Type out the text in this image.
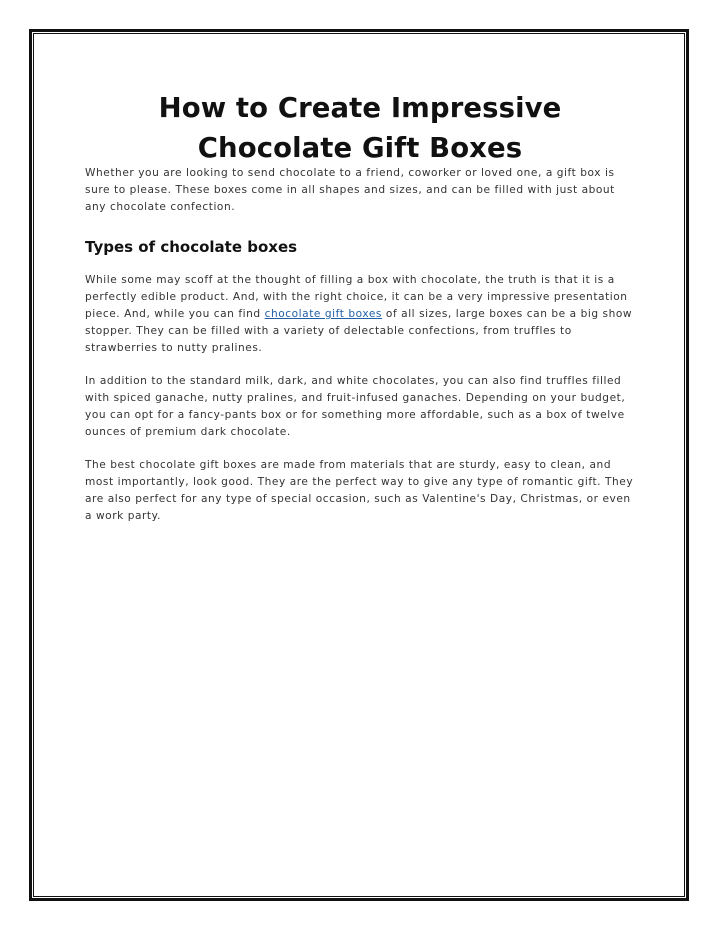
How to Create Impressive Chocolate Gift Boxes

Whether you are looking to send chocolate to a friend, coworker or loved one, a gift box is sure to please. These boxes come in all shapes and sizes, and can be filled with just about any chocolate confection.

Types of chocolate boxes

While some may scoff at the thought of filling a box with chocolate, the truth is that it is a perfectly edible product. And, with the right choice, it can be a very impressive presentation piece. And, while you can find chocolate gift boxes of all sizes, large boxes can be a big show stopper. They can be filled with a variety of delectable confections, from truffles to strawberries to nutty pralines.

In addition to the standard milk, dark, and white chocolates, you can also find truffles filled with spiced ganache, nutty pralines, and fruit-infused ganaches. Depending on your budget, you can opt for a fancy-pants box or for something more affordable, such as a box of twelve ounces of premium dark chocolate.

The best chocolate gift boxes are made from materials that are sturdy, easy to clean, and most importantly, look good. They are the perfect way to give any type of romantic gift. They are also perfect for any type of special occasion, such as Valentine's Day, Christmas, or even a work party.
